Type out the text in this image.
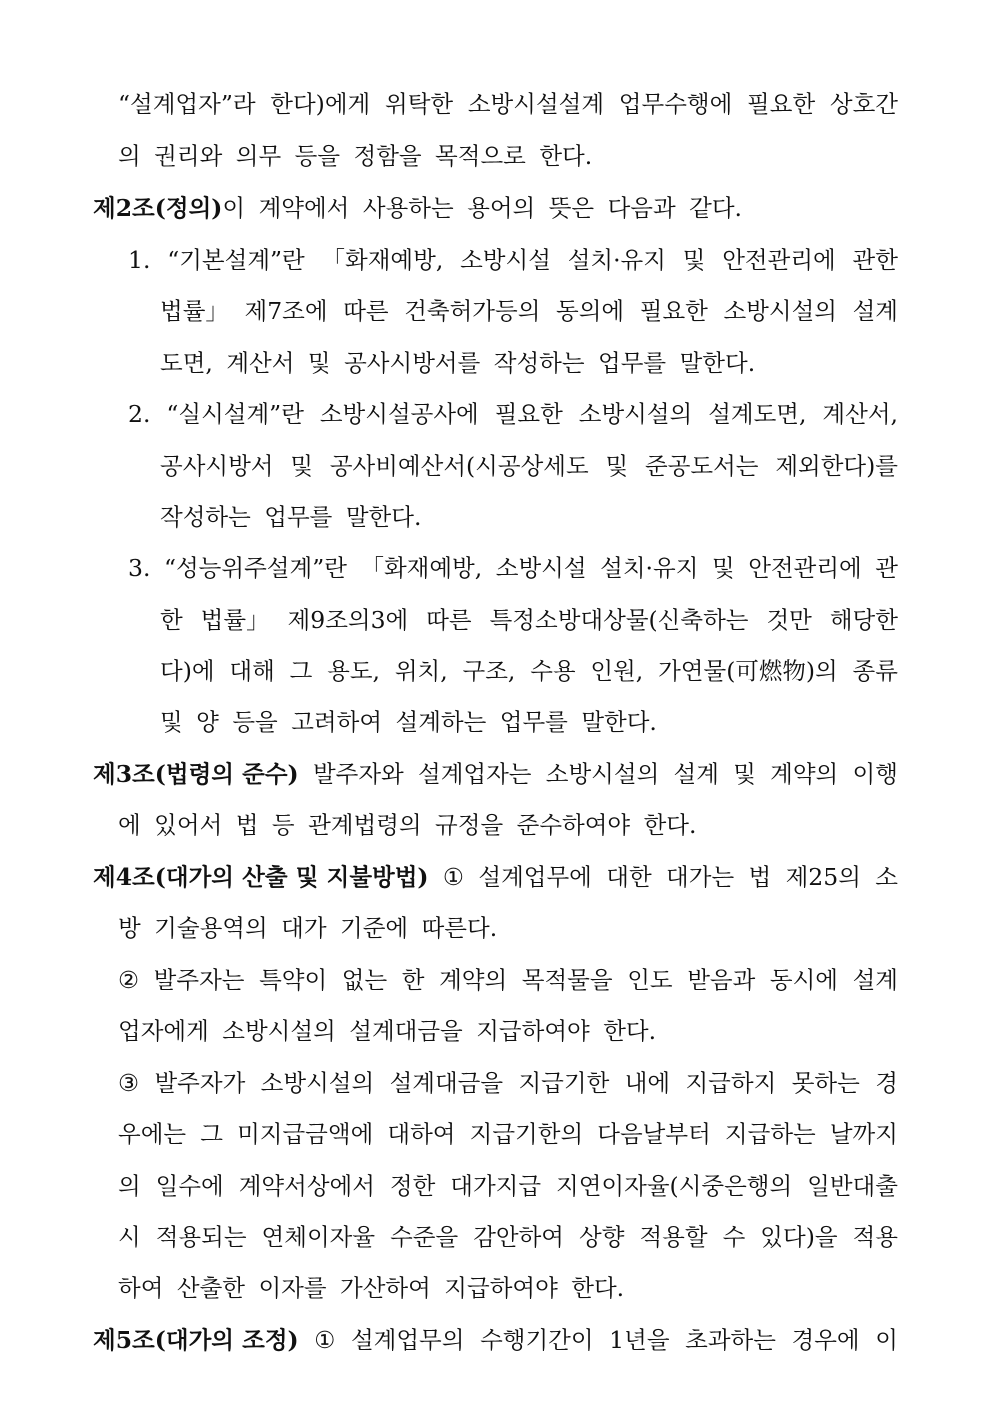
“설계업자”라 한다)에게 위탁한 소방시설설계 업무수행에 필요한 상호간
의 권리와 의무 등을 정함을 목적으로 한다.
제2조(정의) 이 계약에서 사용하는 용어의 뜻은 다음과 같다.
1. “기본설계”란 「화재예방, 소방시설 설치·유지 및 안전관리에 관한
법률」 제7조에 따른 건축허가등의 동의에 필요한 소방시설의 설계
도면, 계산서 및 공사시방서를 작성하는 업무를 말한다.
2. “실시설계”란 소방시설공사에 필요한 소방시설의 설계도면, 계산서,
공사시방서 및 공사비예산서(시공상세도 및 준공도서는 제외한다)를
작성하는 업무를 말한다.
3. “성능위주설계”란 「화재예방, 소방시설 설치·유지 및 안전관리에 관
한 법률」 제9조의3에 따른 특정소방대상물(신축하는 것만 해당한
다)에 대해 그 용도, 위치, 구조, 수용 인원, 가연물(可燃物)의 종류
및 양 등을 고려하여 설계하는 업무를 말한다.
제3조(법령의 준수) 발주자와 설계업자는 소방시설의 설계 및 계약의 이행
에 있어서 법 등 관계법령의 규정을 준수하여야 한다.
제4조(대가의 산출 및 지불방법) ① 설계업무에 대한 대가는 법 제25의 소
방 기술용역의 대가 기준에 따른다.
② 발주자는 특약이 없는 한 계약의 목적물을 인도 받음과 동시에 설계
업자에게 소방시설의 설계대금을 지급하여야 한다.
③ 발주자가 소방시설의 설계대금을 지급기한 내에 지급하지 못하는 경
우에는 그 미지급금액에 대하여 지급기한의 다음날부터 지급하는 날까지
의 일수에 계약서상에서 정한 대가지급 지연이자율(시중은행의 일반대출
시 적용되는 연체이자율 수준을 감안하여 상향 적용할 수 있다)을 적용
하여 산출한 이자를 가산하여 지급하여야 한다.
제5조(대가의 조정) ① 설계업무의 수행기간이 1년을 초과하는 경우에 이
